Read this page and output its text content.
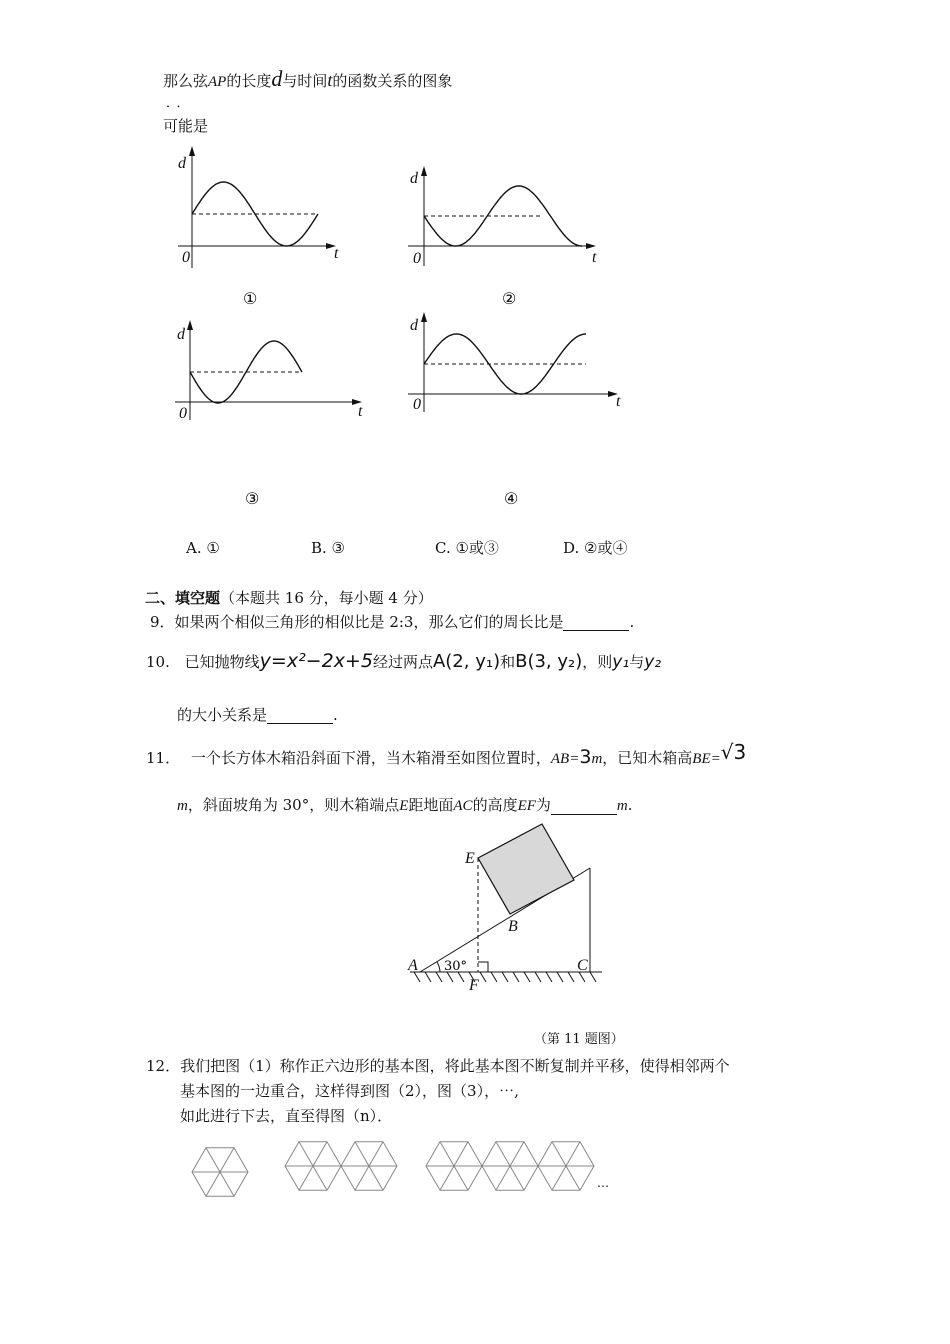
那么弦AP的长度d与时间t的函数关系的图象
．．
可能是
d
t
0
①
d
t
0
②
d
t
0
③
d
t
0
④
E
B
A	C
F
30°
A. ①	B. ③	C. ①或③	D. ②或④
二、填空题（本题共 16 分，每小题 4 分）
9．如果两个相似三角形的相似比是 2:3，那么它们的周长比是	.
10. 已知抛物线y=x²−2x+5经过两点A(2, y₁)和B(3, y₂)，则y₁与y₂
的大小关系是	.
11． 一个长方体木箱沿斜面下滑，当木箱滑至如图位置时，AB=3m，已知木箱高BE=√3
m，斜面坡角为 30°，则木箱端点E距地面AC的高度EF为	m.
（第 11 题图）
12．我们把图（1）称作正六边形的基本图，将此基本图不断复制并平移，使得相邻两个
基本图的一边重合，这样得到图（2），图（3），⋯,
如此进行下去，直至得图（n）．
…
